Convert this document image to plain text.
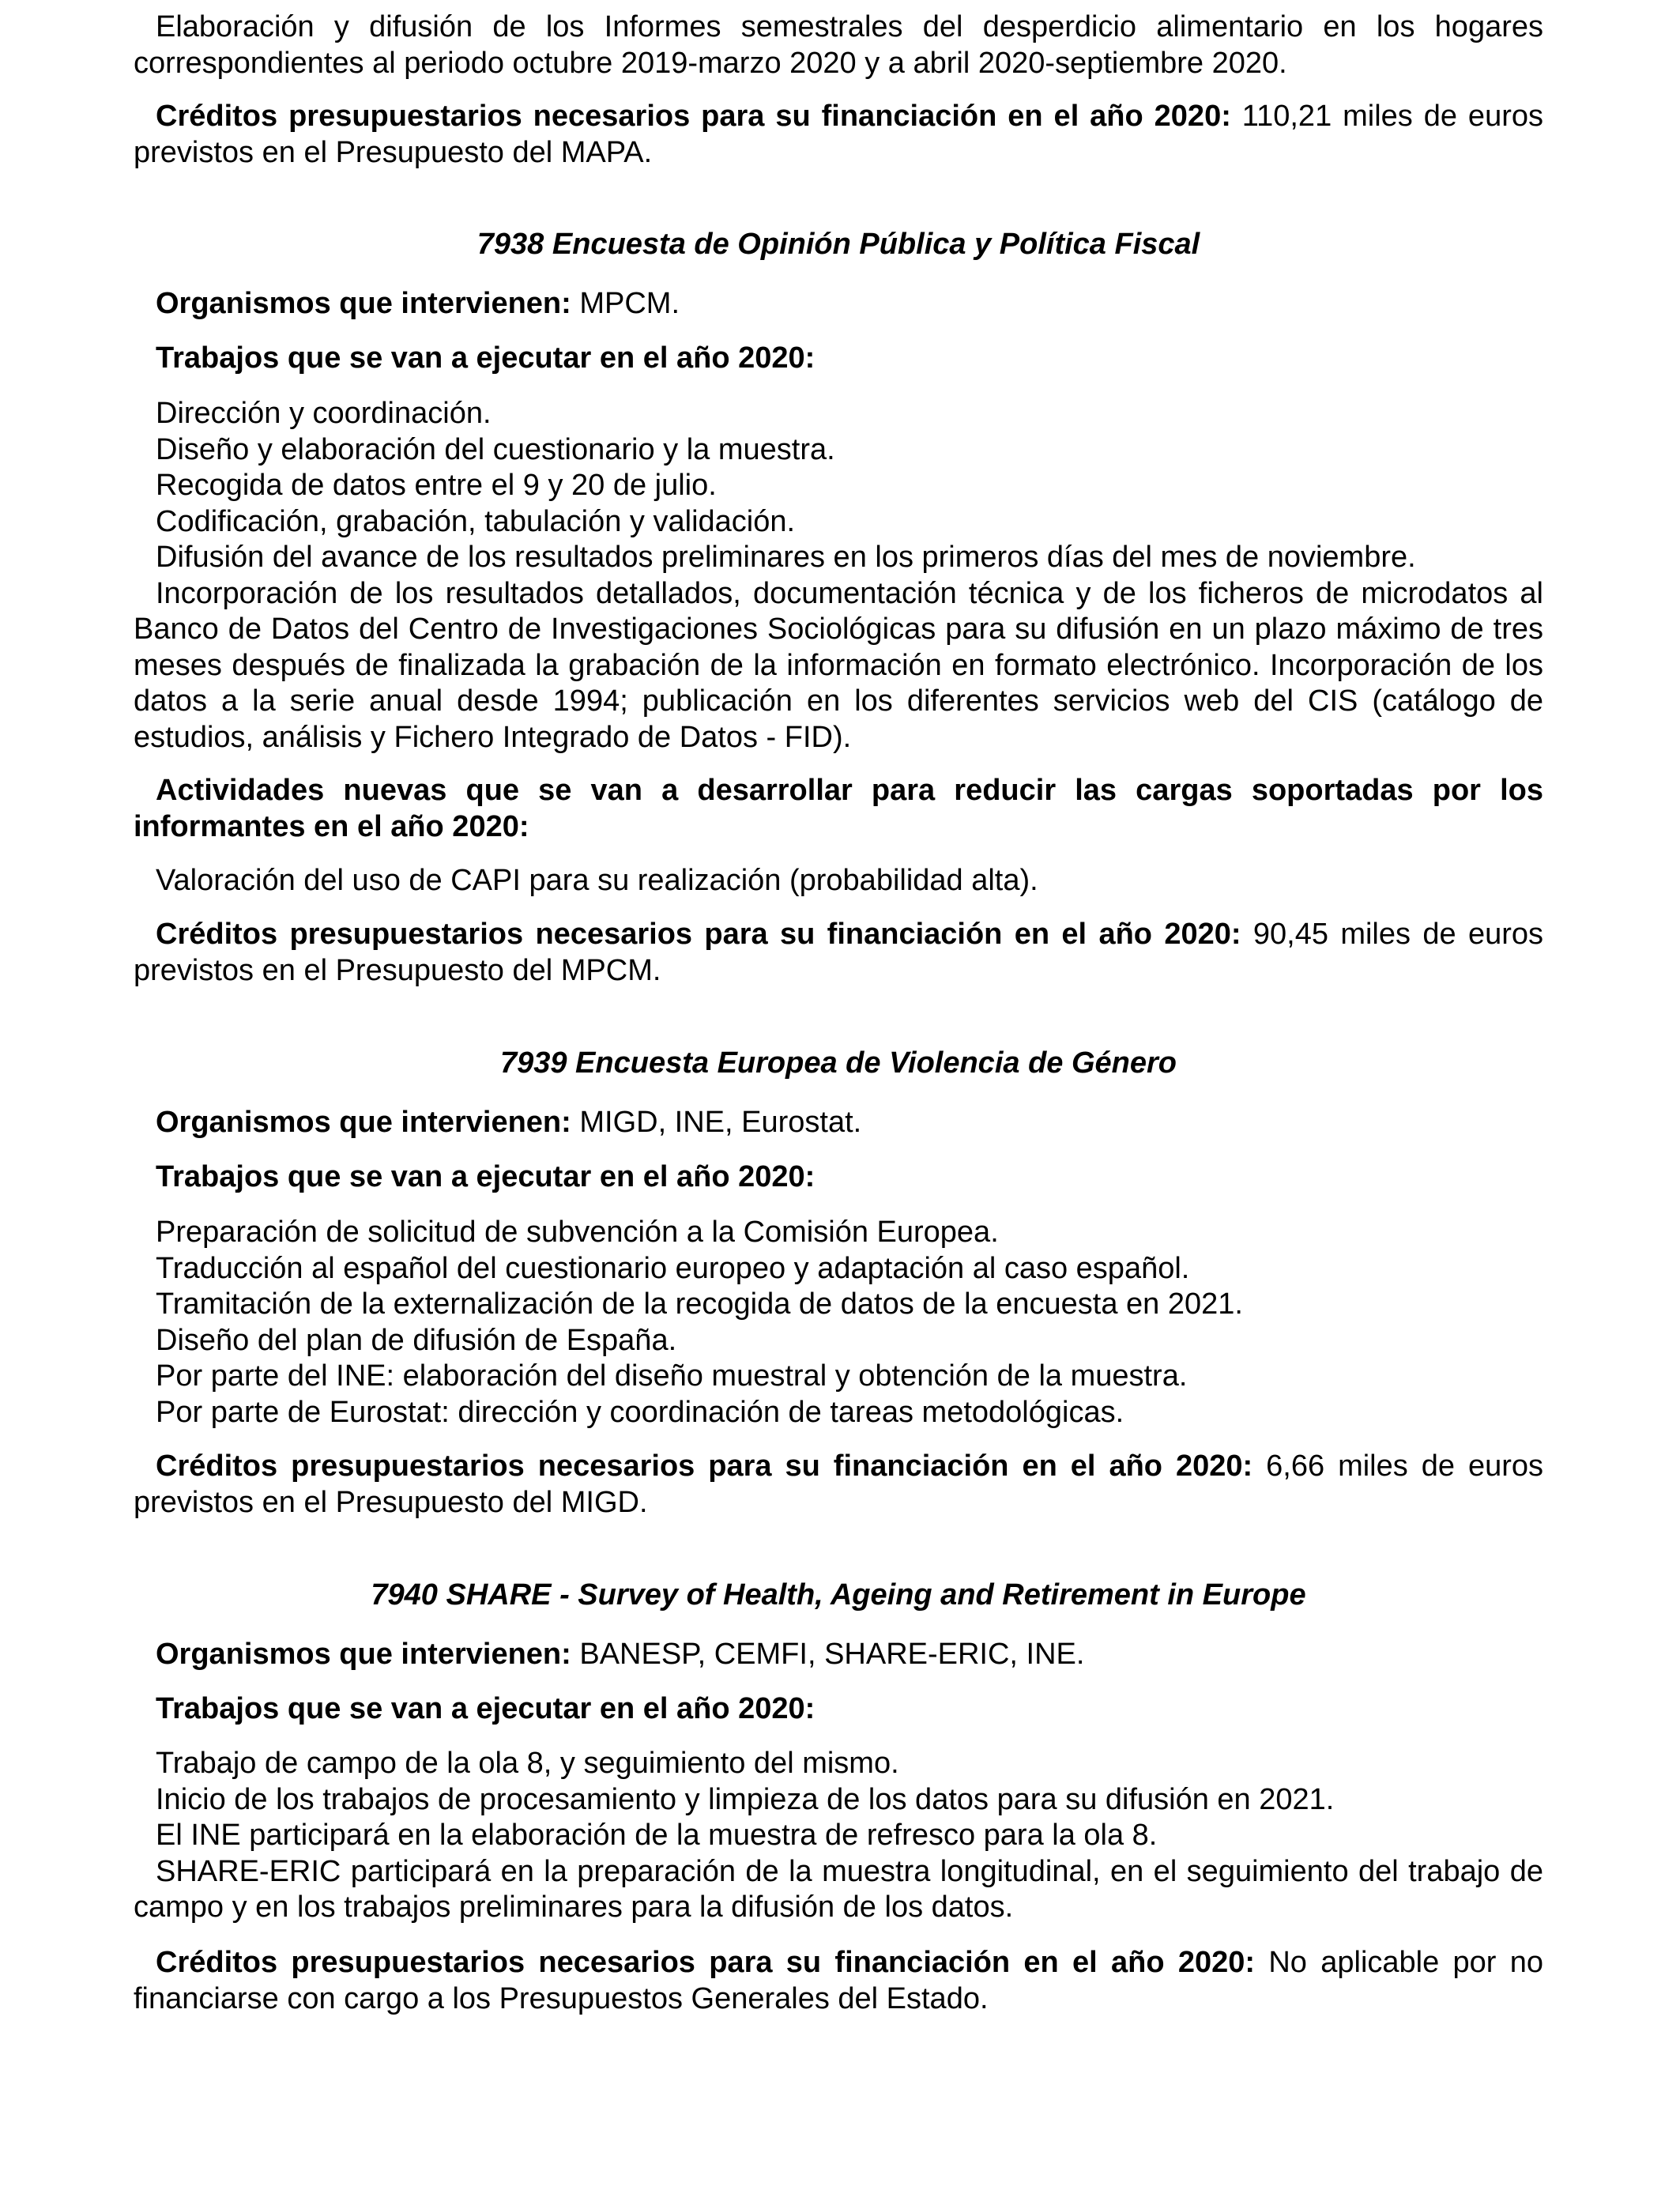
Elaboración y difusión de los Informes semestrales del desperdicio alimentario en los hogares correspondientes al periodo octubre 2019-marzo 2020 y a abril 2020-septiembre 2020.

Créditos presupuestarios necesarios para su financiación en el año 2020: 110,21 miles de euros previstos en el Presupuesto del MAPA.

7938 Encuesta de Opinión Pública y Política Fiscal

Organismos que intervienen: MPCM.

Trabajos que se van a ejecutar en el año 2020:

Dirección y coordinación.

Diseño y elaboración del cuestionario y la muestra.

Recogida de datos entre el 9 y 20 de julio.

Codificación, grabación, tabulación y validación.

Difusión del avance de los resultados preliminares en los primeros días del mes de noviembre.

Incorporación de los resultados detallados, documentación técnica y de los ficheros de microdatos al Banco de Datos del Centro de Investigaciones Sociológicas para su difusión en un plazo máximo de tres meses después de finalizada la grabación de la información en formato electrónico. Incorporación de los datos a la serie anual desde 1994; publicación en los diferentes servicios web del CIS (catálogo de estudios, análisis y Fichero Integrado de Datos - FID).

Actividades nuevas que se van a desarrollar para reducir las cargas soportadas por los informantes en el año 2020:

Valoración del uso de CAPI para su realización (probabilidad alta).

Créditos presupuestarios necesarios para su financiación en el año 2020: 90,45 miles de euros previstos en el Presupuesto del MPCM.

7939 Encuesta Europea de Violencia de Género

Organismos que intervienen: MIGD, INE, Eurostat.

Trabajos que se van a ejecutar en el año 2020:

Preparación de solicitud de subvención a la Comisión Europea.

Traducción al español del cuestionario europeo y adaptación al caso español.

Tramitación de la externalización de la recogida de datos de la encuesta en 2021.

Diseño del plan de difusión de España.

Por parte del INE: elaboración del diseño muestral y obtención de la muestra.

Por parte de Eurostat: dirección y coordinación de tareas metodológicas.

Créditos presupuestarios necesarios para su financiación en el año 2020: 6,66 miles de euros previstos en el Presupuesto del MIGD.

7940 SHARE - Survey of Health, Ageing and Retirement in Europe

Organismos que intervienen: BANESP, CEMFI, SHARE-ERIC, INE.

Trabajos que se van a ejecutar en el año 2020:

Trabajo de campo de la ola 8, y seguimiento del mismo.

Inicio de los trabajos de procesamiento y limpieza de los datos para su difusión en 2021.

El INE participará en la elaboración de la muestra de refresco para la ola 8.

SHARE-ERIC participará en la preparación de la muestra longitudinal, en el seguimiento del trabajo de campo y en los trabajos preliminares para la difusión de los datos.

Créditos presupuestarios necesarios para su financiación en el año 2020: No aplicable por no financiarse con cargo a los Presupuestos Generales del Estado.
